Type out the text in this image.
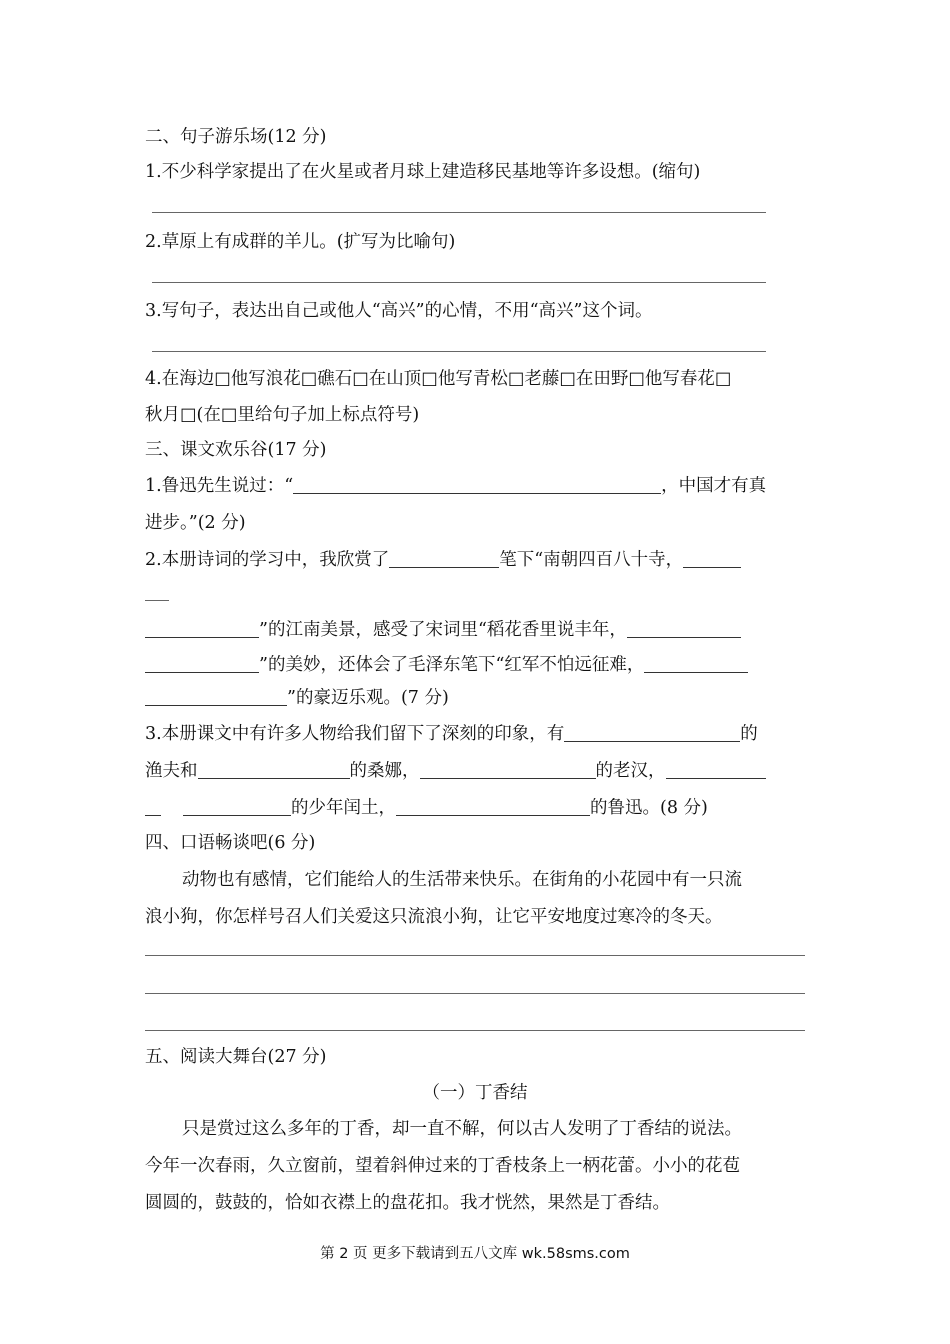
二、句子游乐场(12 分)
1.不少科学家提出了在火星或者月球上建造移民基地等许多设想。(缩句)
2.草原上有成群的羊儿。(扩写为比喻句)
3.写句子，表达出自己或他人“高兴”的心情，不用“高兴”这个词。
4.在海边□他写浪花□礁石□在山顶□他写青松□老藤□在田野□他写春花□
秋月□(在□里给句子加上标点符号)
三、课文欢乐谷(17 分)
1.鲁迅先生说过：“	，中国才有真
进步。”(2 分)
2.本册诗词的学习中，我欣赏了	笔下“南朝四百八十寺，
”的江南美景，感受了宋词里“稻花香里说丰年，
”的美妙，还体会了毛泽东笔下“红军不怕远征难，
”的豪迈乐观。(7 分)
3.本册课文中有许多人物给我们留下了深刻的印象，有	的
渔夫和	的桑娜，	的老汉，
的少年闰土，	的鲁迅。(8 分)
四、口语畅谈吧(6 分)
动物也有感情，它们能给人的生活带来快乐。在街角的小花园中有一只流
浪小狗，你怎样号召人们关爱这只流浪小狗，让它平安地度过寒冷的冬天。
五、阅读大舞台(27 分)
（一）丁香结
只是赏过这么多年的丁香，却一直不解，何以古人发明了丁香结的说法。
今年一次春雨，久立窗前，望着斜伸过来的丁香枝条上一柄花蕾。小小的花苞
圆圆的，鼓鼓的，恰如衣襟上的盘花扣。我才恍然，果然是丁香结。
第 2 页 更多下载请到五八文库 wk.58sms.com
